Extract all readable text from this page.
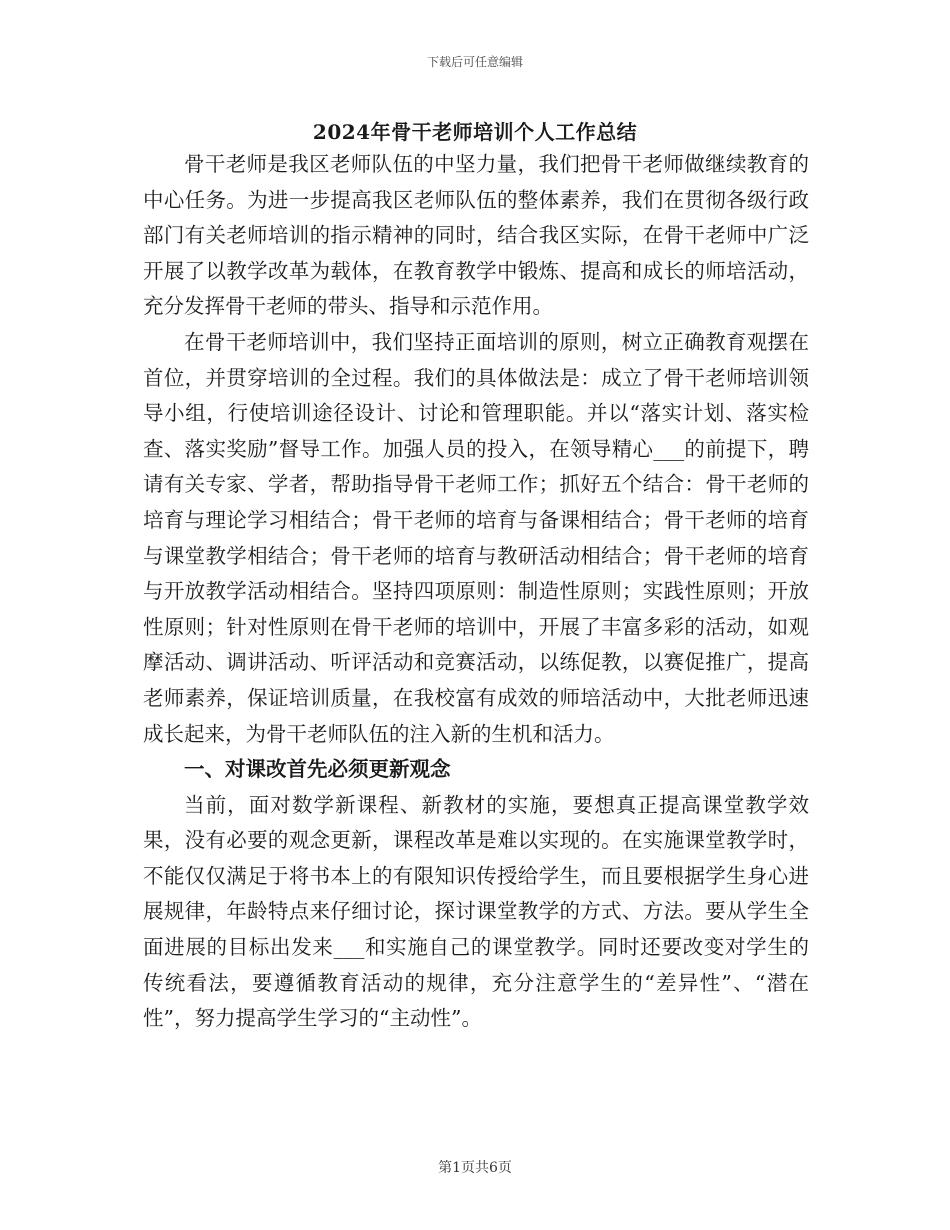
下载后可任意编辑
2024年骨干老师培训个人工作总结

骨干老师是我区老师队伍的中坚力量，我们把骨干老师做继续教育的中心任务。为进一步提高我区老师队伍的整体素养，我们在贯彻各级行政部门有关老师培训的指示精神的同时，结合我区实际，在骨干老师中广泛开展了以教学改革为载体，在教育教学中锻炼、提高和成长的师培活动，充分发挥骨干老师的带头、指导和示范作用。

在骨干老师培训中，我们坚持正面培训的原则，树立正确教育观摆在首位，并贯穿培训的全过程。我们的具体做法是：成立了骨干老师培训领导小组，行使培训途径设计、讨论和管理职能。并以“落实计划、落实检查、落实奖励”督导工作。加强人员的投入，在领导精心___的前提下，聘请有关专家、学者，帮助指导骨干老师工作；抓好五个结合：骨干老师的培育与理论学习相结合；骨干老师的培育与备课相结合；骨干老师的培育与课堂教学相结合；骨干老师的培育与教研活动相结合；骨干老师的培育与开放教学活动相结合。坚持四项原则：制造性原则；实践性原则；开放性原则；针对性原则在骨干老师的培训中，开展了丰富多彩的活动，如观摩活动、调讲活动、听评活动和竞赛活动，以练促教，以赛促推广，提高老师素养，保证培训质量，在我校富有成效的师培活动中，大批老师迅速成长起来，为骨干老师队伍的注入新的生机和活力。

一、对课改首先必须更新观念

当前，面对数学新课程、新教材的实施，要想真正提高课堂教学效果，没有必要的观念更新，课程改革是难以实现的。在实施课堂教学时，不能仅仅满足于将书本上的有限知识传授给学生，而且要根据学生身心进展规律，年龄特点来仔细讨论，探讨课堂教学的方式、方法。要从学生全面进展的目标出发来___和实施自己的课堂教学。同时还要改变对学生的传统看法，要遵循教育活动的规律，充分注意学生的“差异性”、“潜在性”，努力提高学生学习的“主动性”。

第1页共6页
